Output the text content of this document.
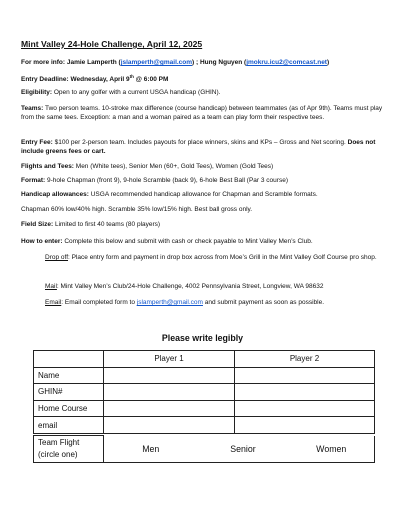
Mint Valley 24-Hole Challenge, April 12, 2025
For more info: Jamie Lamperth (jslamperth@gmail.com) ; Hung Nguyen (jmokru.icu2@comcast.net)
Entry Deadline: Wednesday, April 9th @ 6:00 PM
Eligibility: Open to any golfer with a current USGA handicap (GHIN).
Teams: Two person teams. 10-stroke max difference (course handicap) between teammates (as of Apr 9th). Teams must play from the same tees. Exception: a man and a woman paired as a team can play form their respective tees.
Entry Fee: $100 per 2-person team. Includes payouts for place winners, skins and KPs – Gross and Net scoring. Does not include greens fees or cart.
Flights and Tees: Men (White tees), Senior Men (60+, Gold Tees), Women (Gold Tees)
Format: 9-hole Chapman (front 9), 9-hole Scramble (back 9), 6-hole Best Ball (Par 3 course)
Handicap allowances: USGA recommended handicap allowance for Chapman and Scramble formats.
Chapman 60% low/40% high. Scramble 35% low/15% high. Best ball gross only.
Field Size: Limited to first 40 teams (80 players)
How to enter: Complete this below and submit with cash or check payable to Mint Valley Men’s Club.
Drop off: Place entry form and payment in drop box across from Moe’s Grill in the Mint Valley Golf Course pro shop.
Mail: Mint Valley Men’s Club/24-Hole Challenge, 4002 Pennsylvania Street, Longview, WA 98632
Email: Email completed form to jslamperth@gmail.com and submit payment as soon as possible.
Please write legibly
	Player 1	Player 2
Name		
GHIN#		
Home Course		
email		
Team Flight
(circle one)	Men	Senior	Women
